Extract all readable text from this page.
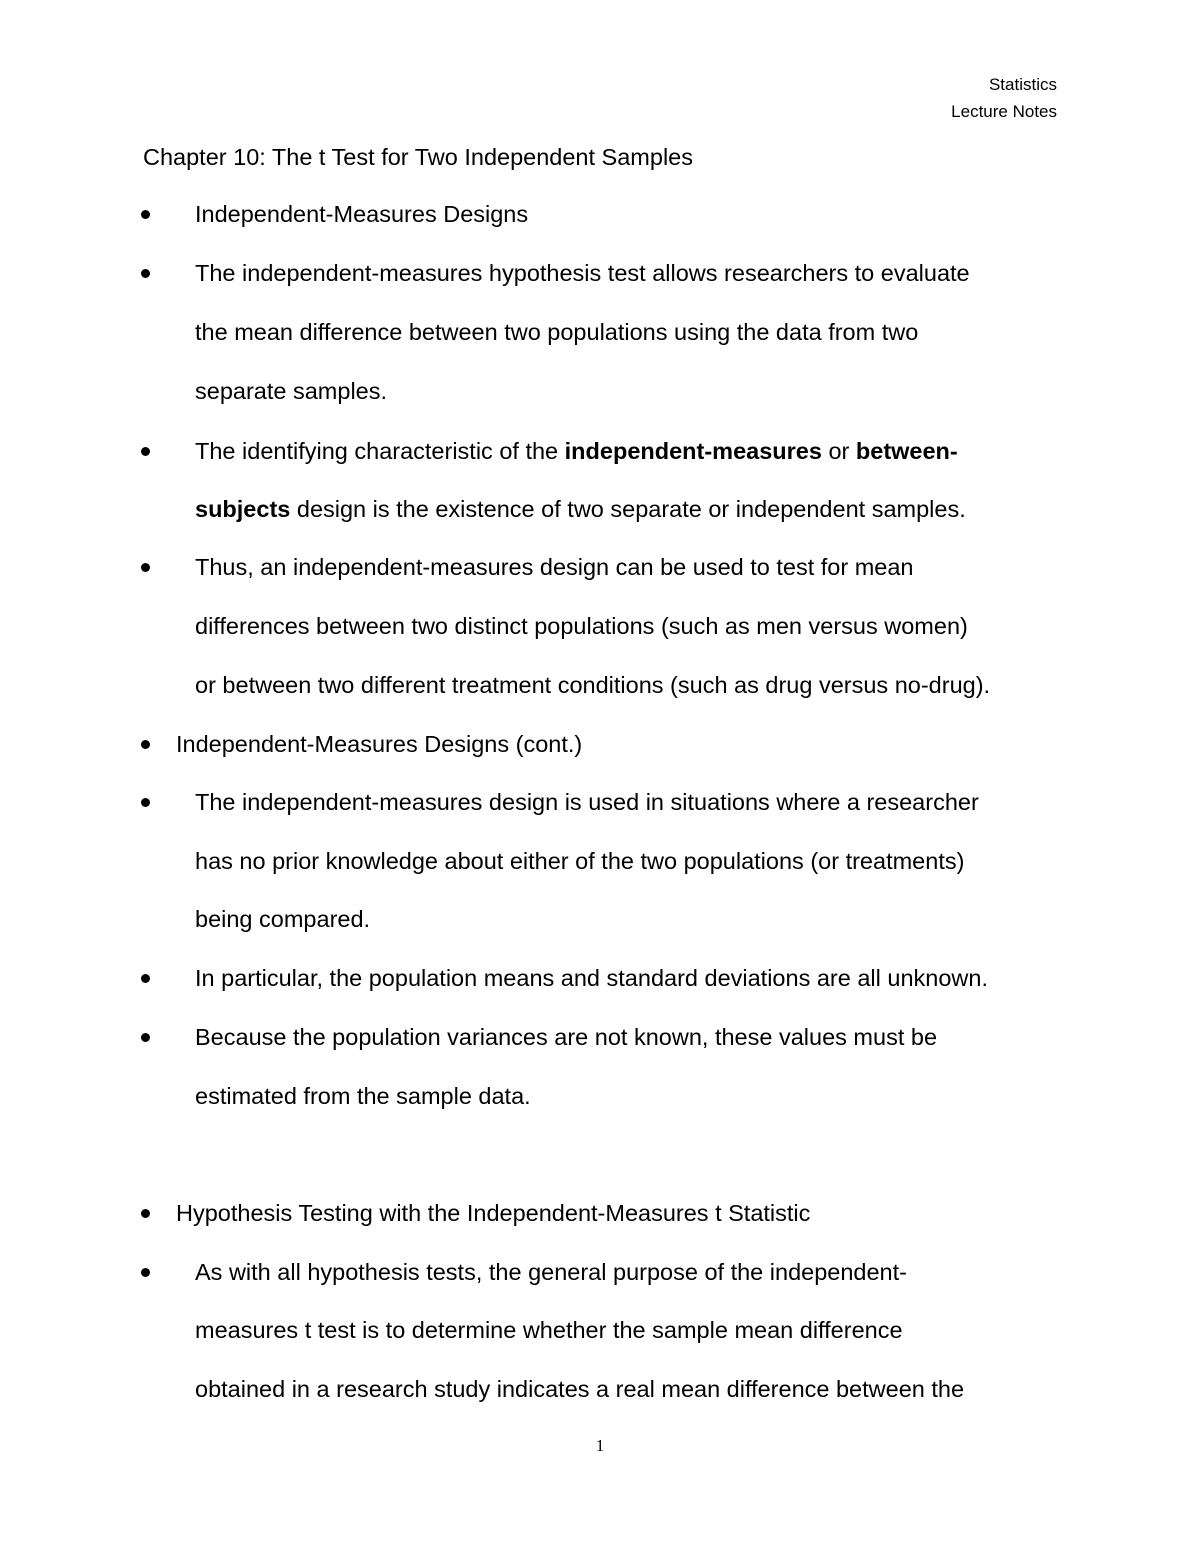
Statistics
Lecture Notes
Chapter 10: The t Test for Two Independent Samples
Independent-Measures Designs
The independent-measures hypothesis test allows researchers to evaluate
the mean difference between two populations using the data from two
separate samples.
The identifying characteristic of the independent-measures or between-
subjects design is the existence of two separate or independent samples.
Thus, an independent-measures design can be used to test for mean
differences between two distinct populations (such as men versus women)
or between two different treatment conditions (such as drug versus no-drug).
Independent-Measures Designs (cont.)
The independent-measures design is used in situations where a researcher
has no prior knowledge about either of the two populations (or treatments)
being compared.
In particular, the population means and standard deviations are all unknown.
Because the population variances are not known, these values must be
estimated from the sample data.
Hypothesis Testing with the Independent-Measures t Statistic
As with all hypothesis tests, the general purpose of the independent-
measures t test is to determine whether the sample mean difference
obtained in a research study indicates a real mean difference between the
1
